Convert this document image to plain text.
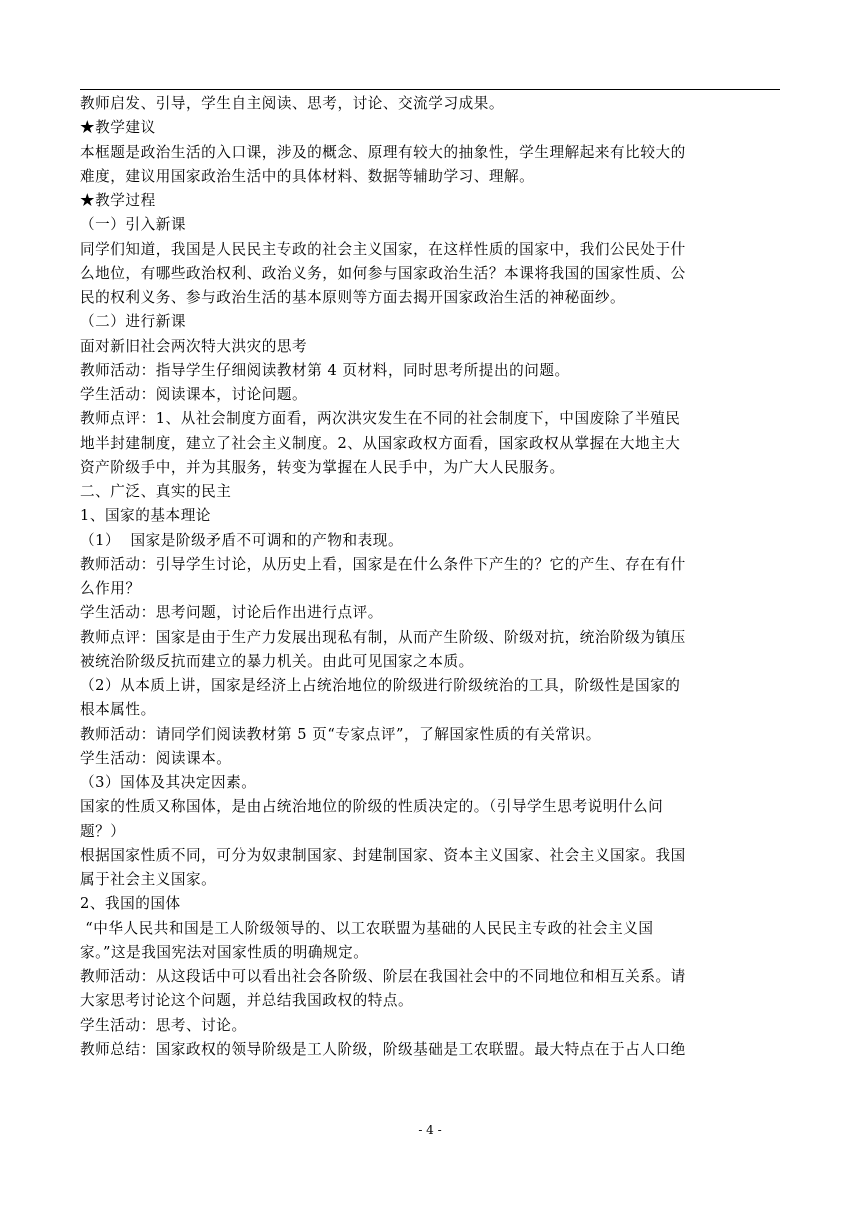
教师启发、引导，学生自主阅读、思考，讨论、交流学习成果。
★教学建议
本框题是政治生活的入口课，涉及的概念、原理有较大的抽象性，学生理解起来有比较大的
难度，建议用国家政治生活中的具体材料、数据等辅助学习、理解。
★教学过程
（一）引入新课
同学们知道，我国是人民民主专政的社会主义国家，在这样性质的国家中，我们公民处于什
么地位，有哪些政治权利、政治义务，如何参与国家政治生活？本课将我国的国家性质、公
民的权利义务、参与政治生活的基本原则等方面去揭开国家政治生活的神秘面纱。
（二）进行新课
面对新旧社会两次特大洪灾的思考
教师活动：指导学生仔细阅读教材第 4 页材料，同时思考所提出的问题。
学生活动：阅读课本，讨论问题。
教师点评：1、从社会制度方面看，两次洪灾发生在不同的社会制度下，中国废除了半殖民
地半封建制度，建立了社会主义制度。2、从国家政权方面看，国家政权从掌握在大地主大
资产阶级手中，并为其服务，转变为掌握在人民手中，为广大人民服务。
二、广泛、真实的民主
1、国家的基本理论
（1）  国家是阶级矛盾不可调和的产物和表现。
教师活动：引导学生讨论，从历史上看，国家是在什么条件下产生的？它的产生、存在有什
么作用？
学生活动：思考问题，讨论后作出进行点评。
教师点评：国家是由于生产力发展出现私有制，从而产生阶级、阶级对抗，统治阶级为镇压
被统治阶级反抗而建立的暴力机关。由此可见国家之本质。
（2）从本质上讲，国家是经济上占统治地位的阶级进行阶级统治的工具，阶级性是国家的
根本属性。
教师活动：请同学们阅读教材第 5 页“专家点评”，了解国家性质的有关常识。
学生活动：阅读课本。
（3）国体及其决定因素。
国家的性质又称国体，是由占统治地位的阶级的性质决定的。（引导学生思考说明什么问
题？）
根据国家性质不同，可分为奴隶制国家、封建制国家、资本主义国家、社会主义国家。我国
属于社会主义国家。
2、我国的国体
“中华人民共和国是工人阶级领导的、以工农联盟为基础的人民民主专政的社会主义国
家。”这是我国宪法对国家性质的明确规定。
教师活动：从这段话中可以看出社会各阶级、阶层在我国社会中的不同地位和相互关系。请
大家思考讨论这个问题，并总结我国政权的特点。
学生活动：思考、讨论。
教师总结：国家政权的领导阶级是工人阶级，阶级基础是工农联盟。最大特点在于占人口绝
- 4 -
